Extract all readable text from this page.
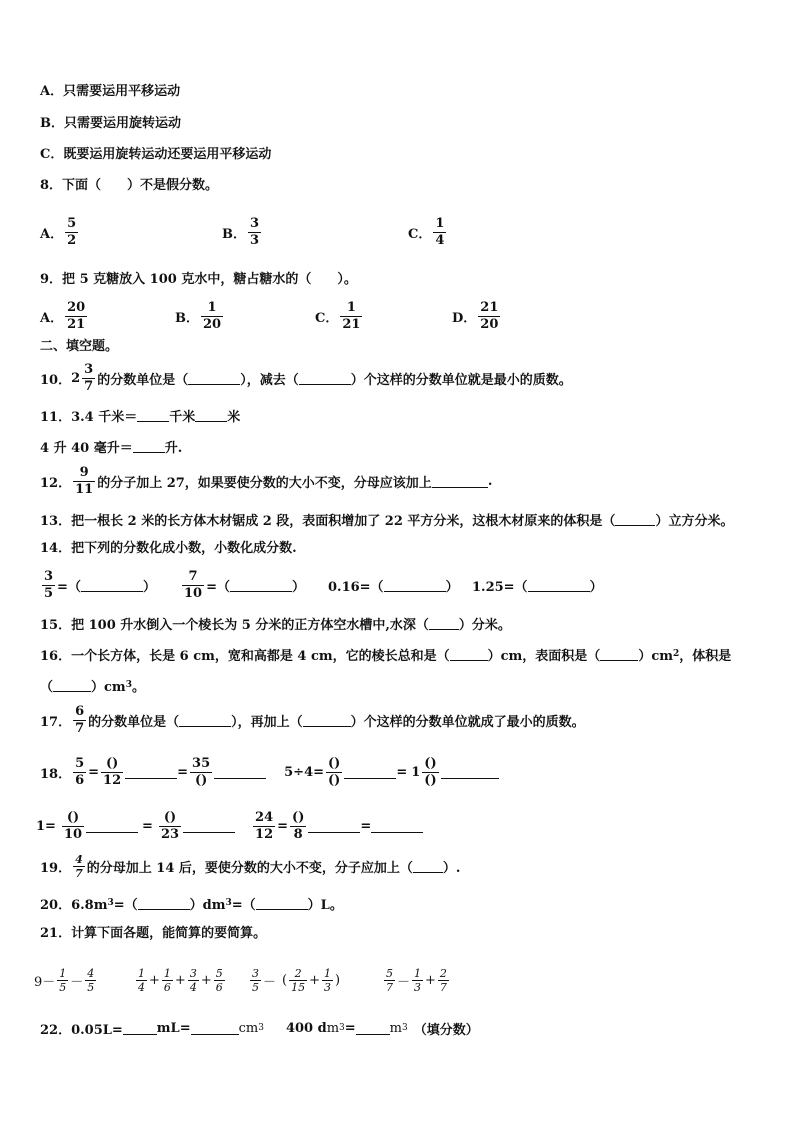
A．只需要运用平移运动
B．只需要运用旋转运动
C．既要运用旋转运动还要运用平移运动
8．下面（　　）不是假分数。
A． $\frac{5}{2}$	B． $\frac{3}{3}$	C． $\frac{1}{4}$
9．把 5 克糖放入 100 克水中，糖占糖水的（　　）。
A． $\frac{20}{21}$	B． $\frac{1}{20}$	C． $\frac{1}{21}$	D． $\frac{21}{20}$
二、填空题。
10． $2 \frac{3}{7}$ 的分数单位是（	），减去（	）个这样的分数单位就是最小的质数。
11．3.4 千米＝ 千米 米
4 升 40 毫升＝ 升.
12． $\frac{9}{11}$ 的分子加上 27，如果要使分数的大小不变，分母应该加上	.
13．把一根长 2 米的长方体木材锯成 2 段，表面积增加了 22 平方分米，这根木材原来的体积是（	）立方分米。
14．把下列的分数化成小数，小数化成分数.
$\frac{3}{5}$ =（	） $\frac{7}{10}$ =（	） 0.16=（	） 1.25=（	）
15．把 100 升水倒入一个棱长为 5 分米的正方体空水槽中,水深（ ）分米。
16．一个长方体，长是 6 cm，宽和高都是 4 cm，它的棱长总和是（	）cm，表面积是（	）cm 2 ，体积是
（	）cm 3 。
17． $\frac{6}{7}$ 的分数单位是（	），再加上（	）个这样的分数单位就成了最小的质数。
18． $\frac{5}{6} = \frac{()}{12}$	= $\frac{35}{()}$	$5\div 4= \frac{()}{()}$	= $1 \frac{()}{()}$
$1= \frac{()}{10}$	= $\frac{()}{23}$	$\frac{24}{12} = \frac{()}{8}$	=
19． $\frac{4}{7}$ 的分母加上 14 后，要使分数的大小不变，分子应加上（ ）.
20．6.8m 3 =（	）dm 3 =（	）L。
21．计算下面各题，能简算的要简算。
$9- \frac{1}{5} - \frac{4}{5}$	$\frac{1}{4} + \frac{1}{6} + \frac{3}{4} + \frac{5}{6} \frac{3}{5}$ － ( $\frac{2}{15} + \frac{1}{3}$ )	$\frac{5}{7} - \frac{1}{3} + \frac{2}{7}$
22．0.05L=	mL=	c m 3 400 d m 3 =	m 3 （填分数）
